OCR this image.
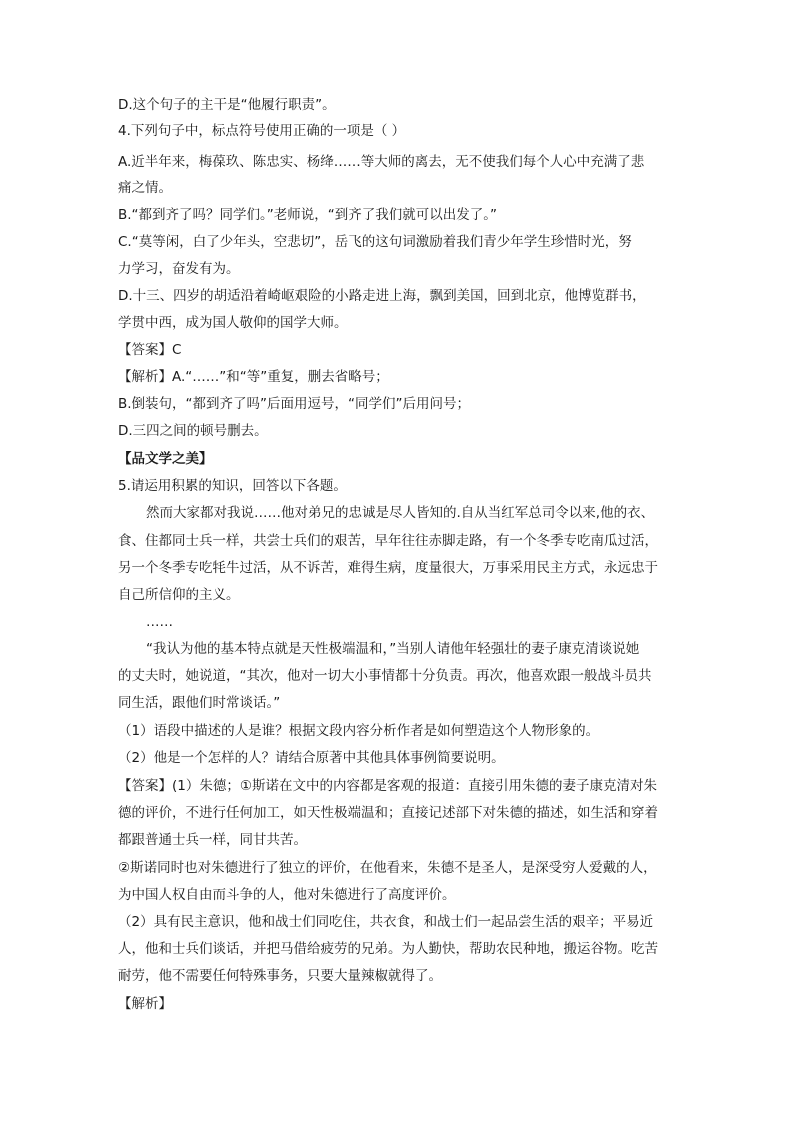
D.这个句子的主干是“他履行职责”。
4.下列句子中，标点符号使用正确的一项是（ ）
A.近半年来，梅葆玖、陈忠实、杨绛……等大师的离去，无不使我们每个人心中充满了悲
痛之情。
B.“都到齐了吗？同学们。”老师说，“到齐了我们就可以出发了。”
C.“莫等闲，白了少年头，空悲切”，岳飞的这句词激励着我们青少年学生珍惜时光，努
力学习，奋发有为。
D.十三、四岁的胡适沿着崎岖艰险的小路走进上海，飘到美国，回到北京，他博览群书，
学贯中西，成为国人敬仰的国学大师。
【答案】C
【解析】A.“……”和“等”重复，删去省略号；
B.倒装句，“都到齐了吗”后面用逗号，“同学们”后用问号；
D.三四之间的顿号删去。
【品文学之美】
5.请运用积累的知识，回答以下各题。
然而大家都对我说……他对弟兄的忠诚是尽人皆知的.自从当红军总司令以来,他的衣、
食、住都同士兵一样，共尝士兵们的艰苦，早年往往赤脚走路，有一个冬季专吃南瓜过活，
另一个冬季专吃牦牛过活，从不诉苦，难得生病，度量很大，万事采用民主方式，永远忠于
自己所信仰的主义。
……
“我认为他的基本特点就是天性极端温和，”当别人请他年轻强壮的妻子康克清谈说她
的丈夫时，她说道，“其次，他对一切大小事情都十分负责。再次，他喜欢跟一般战斗员共
同生活，跟他们时常谈话。”
（1）语段中描述的人是谁？根据文段内容分析作者是如何塑造这个人物形象的。
（2）他是一个怎样的人？请结合原著中其他具体事例简要说明。
【答案】(1）朱德；①斯诺在文中的内容都是客观的报道：直接引用朱德的妻子康克清对朱
德的评价，不进行任何加工，如天性极端温和；直接记述部下对朱德的描述，如生活和穿着
都跟普通士兵一样，同甘共苦。
②斯诺同时也对朱德进行了独立的评价，在他看来，朱德不是圣人，是深受穷人爱戴的人，
为中国人权自由而斗争的人，他对朱德进行了高度评价。
（2）具有民主意识，他和战士们同吃住，共衣食，和战士们一起品尝生活的艰辛；平易近
人，他和士兵们谈话，并把马借给疲劳的兄弟。为人勤快，帮助农民种地，搬运谷物。吃苦
耐劳，他不需要任何特殊事务，只要大量辣椒就得了。
【解析】
